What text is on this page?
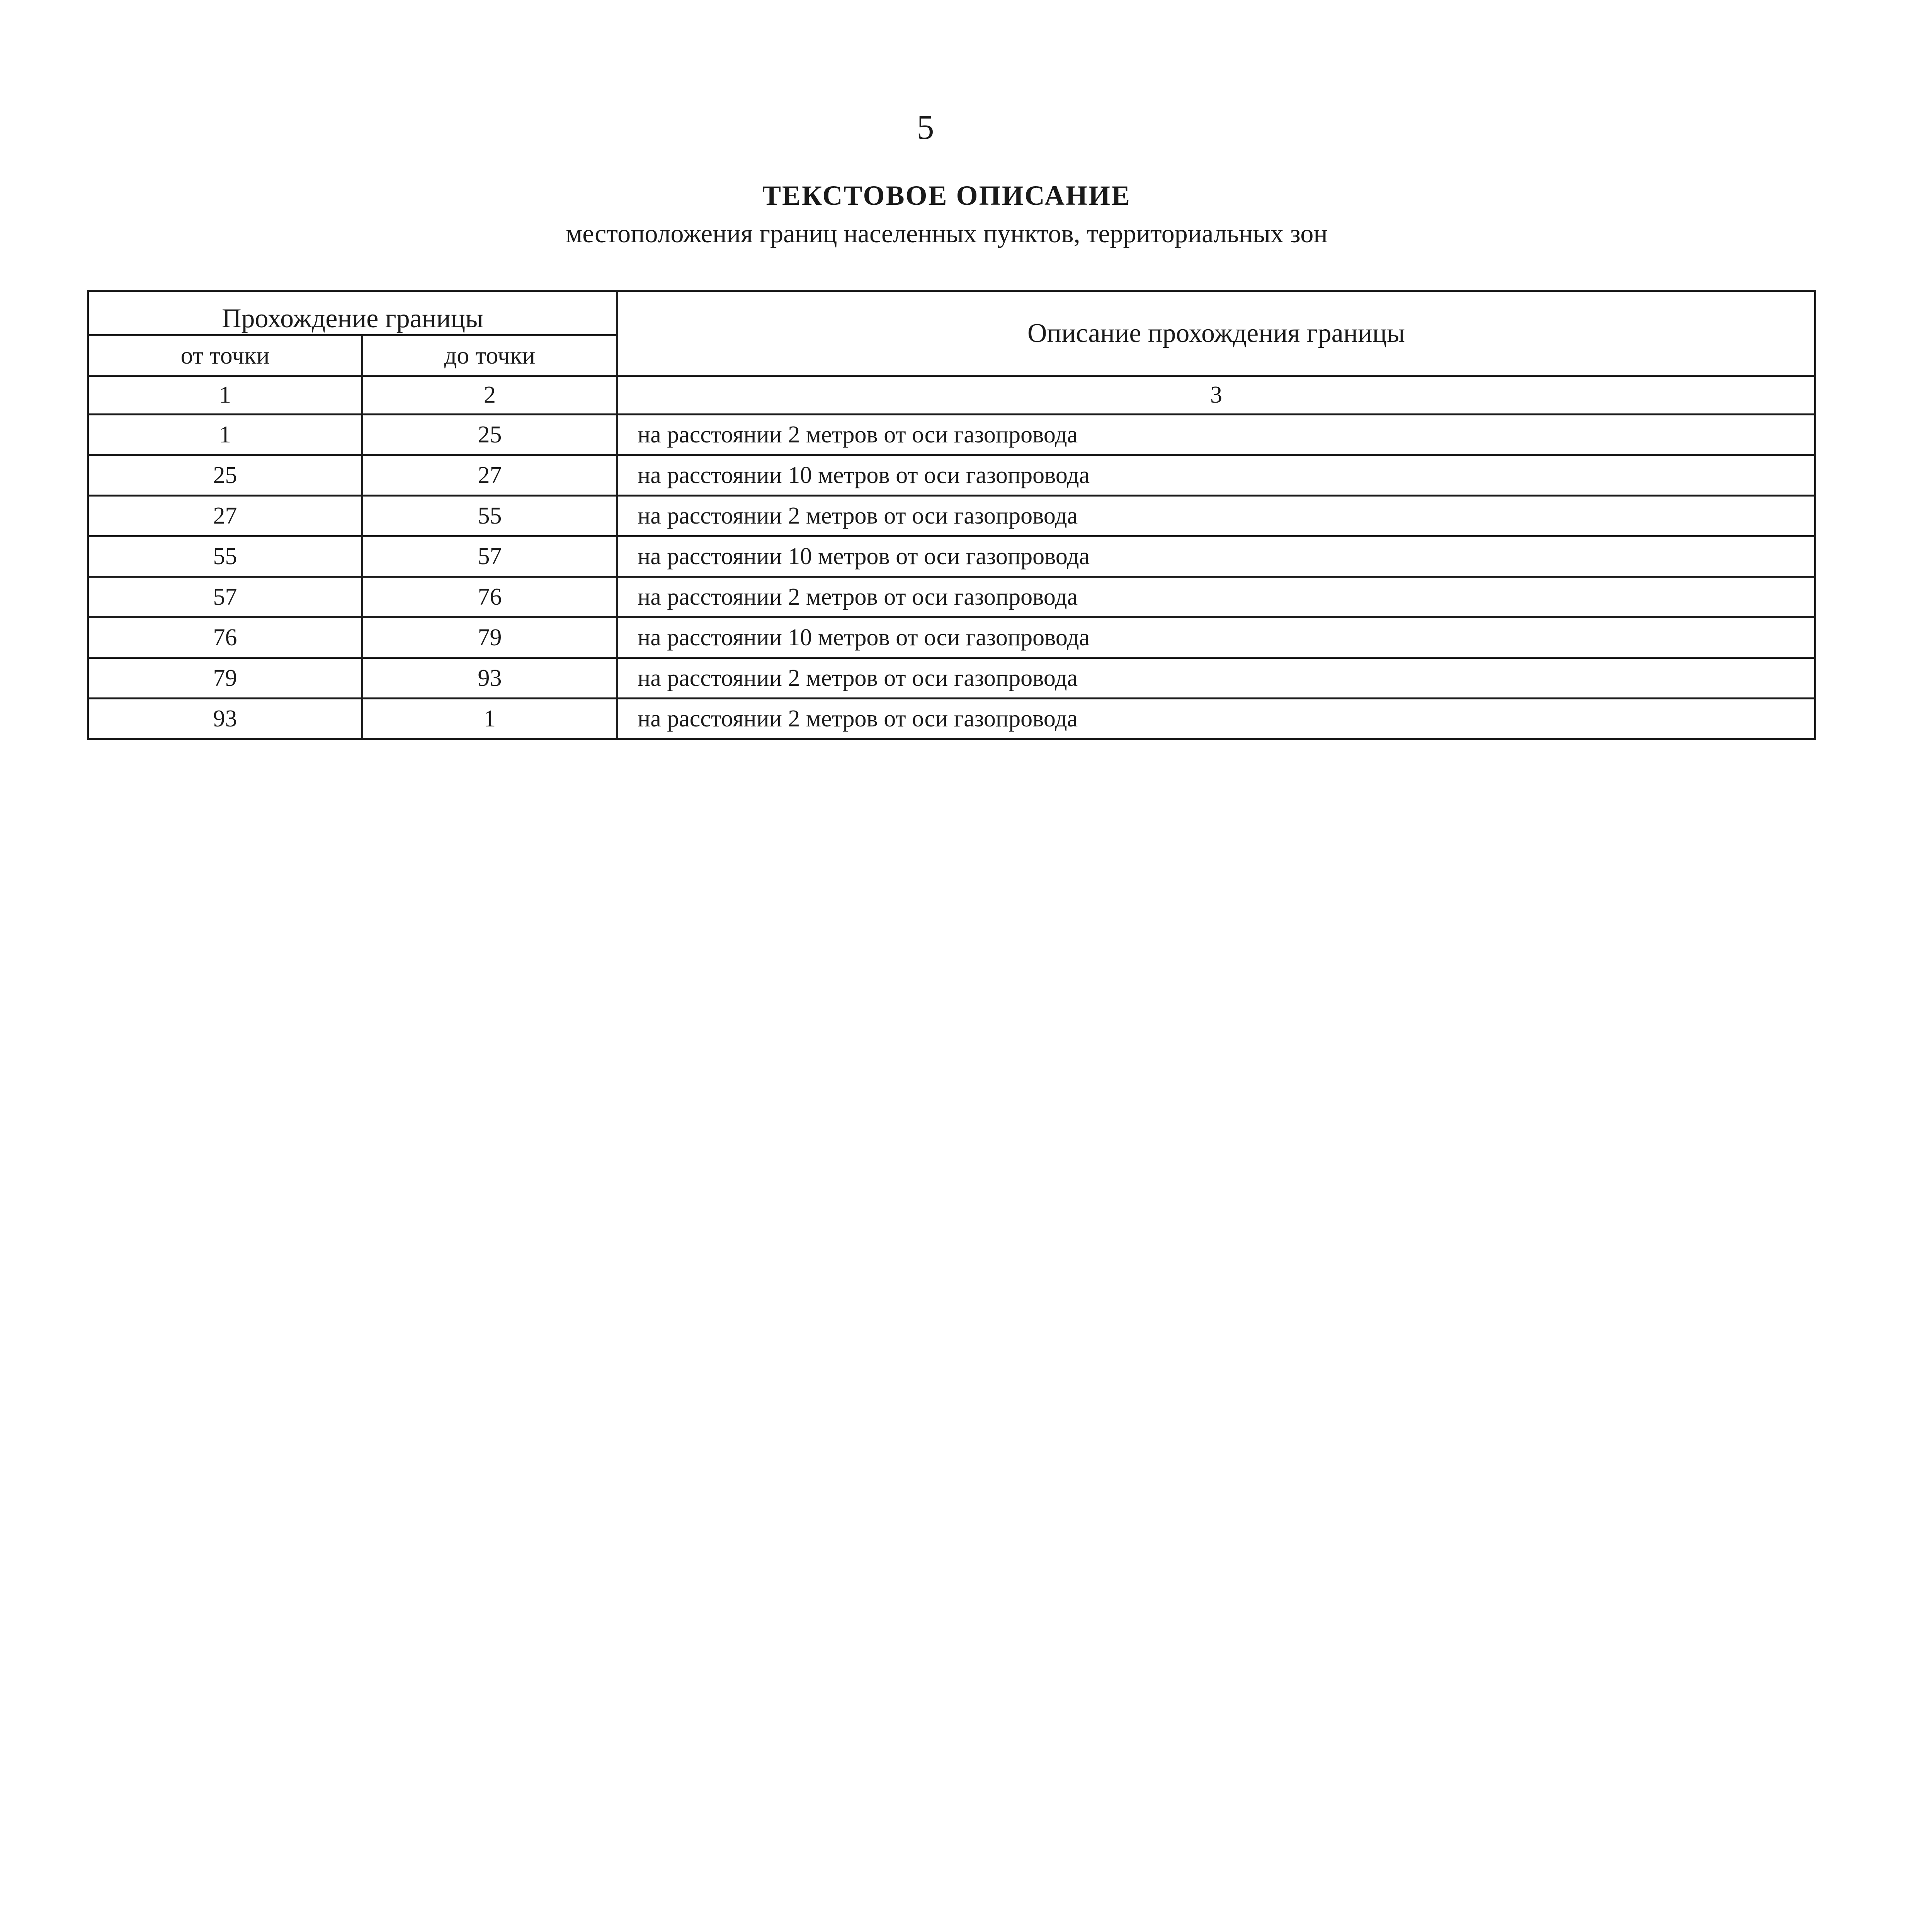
5
ТЕКСТОВОЕ ОПИСАНИЕ
местоположения границ населенных пунктов, территориальных зон
Прохождение границы		Описание прохождения границы
от точки	до точки	
1	2	3
1	25	на расстоянии 2 метров от оси газопровода
25	27	на расстоянии 10 метров от оси газопровода
27	55	на расстоянии 2 метров от оси газопровода
55	57	на расстоянии 10 метров от оси газопровода
57	76	на расстоянии 2 метров от оси газопровода
76	79	на расстоянии 10 метров от оси газопровода
79	93	на расстоянии 2 метров от оси газопровода
93	1	на расстоянии 2 метров от оси газопровода
